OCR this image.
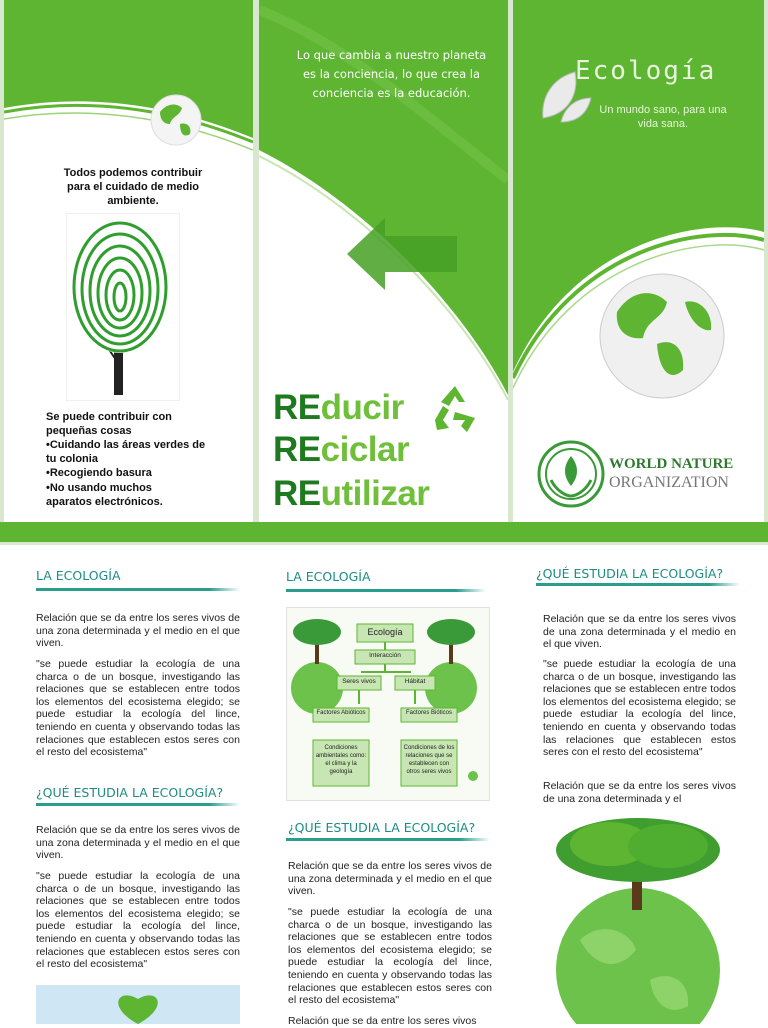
Todos podemos contribuir para el cuidado de medio ambiente.
Se puede contribuir con pequeñas cosas
•Cuidando las áreas verdes de tu colonia
•Recogiendo basura
•No usando muchos aparatos electrónicos.
Lo que cambia a nuestro planeta
es la conciencia, lo que crea la
conciencia es la educación.
REducir
REciclar
REutilizar
Ecología
Un mundo sano, para una vida sana.
WORLD NATURE
ORGANIZATION
LA ECOLOGÍA
Relación que se da entre los seres vivos de una zona determinada y el medio en el que viven.
"se puede estudiar la ecología de una charca o de un bosque, investigando las relaciones que se establecen entre todos los elementos del ecosistema elegido; se puede estudiar la ecología del lince, teniendo en cuenta y observando todas las relaciones que establecen estos seres con el resto del ecosistema"
¿QUÉ ESTUDIA LA ECOLOGÍA?
Relación que se da entre los seres vivos de una zona determinada y el medio en el que viven.
"se puede estudiar la ecología de una charca o de un bosque, investigando las relaciones que se establecen entre todos los elementos del ecosistema elegido; se puede estudiar la ecología del lince, teniendo en cuenta y observando todas las relaciones que establecen estos seres con el resto del ecosistema"
LA ECOLOGÍA
Ecología
Interacción
Seres vivos	Hábitat
Factores Abióticos	Factores Bióticos
Condiciones ambientales como: el clima y la geología
Condiciones de los relaciones que se establecen con otros seres vivos
¿QUÉ ESTUDIA LA ECOLOGÍA?
Relación que se da entre los seres vivos de una zona determinada y el medio en el que viven.
"se puede estudiar la ecología de una charca o de un bosque, investigando las relaciones que se establecen entre todos los elementos del ecosistema elegido; se puede estudiar la ecología del lince, teniendo en cuenta y observando todas las relaciones que establecen estos seres con el resto del ecosistema"
Relación que se da entre los seres vivos
¿QUÉ ESTUDIA LA ECOLOGÍA?
Relación que se da entre los seres vivos de una zona determinada y el medio en el que viven.
"se puede estudiar la ecología de una charca o de un bosque, investigando las relaciones que se establecen entre todos los elementos del ecosistema elegido; se puede estudiar la ecología del lince, teniendo en cuenta y observando todas las relaciones que establecen estos seres con el resto del ecosistema"
Relación que se da entre los seres vivos de una zona determinada y el
